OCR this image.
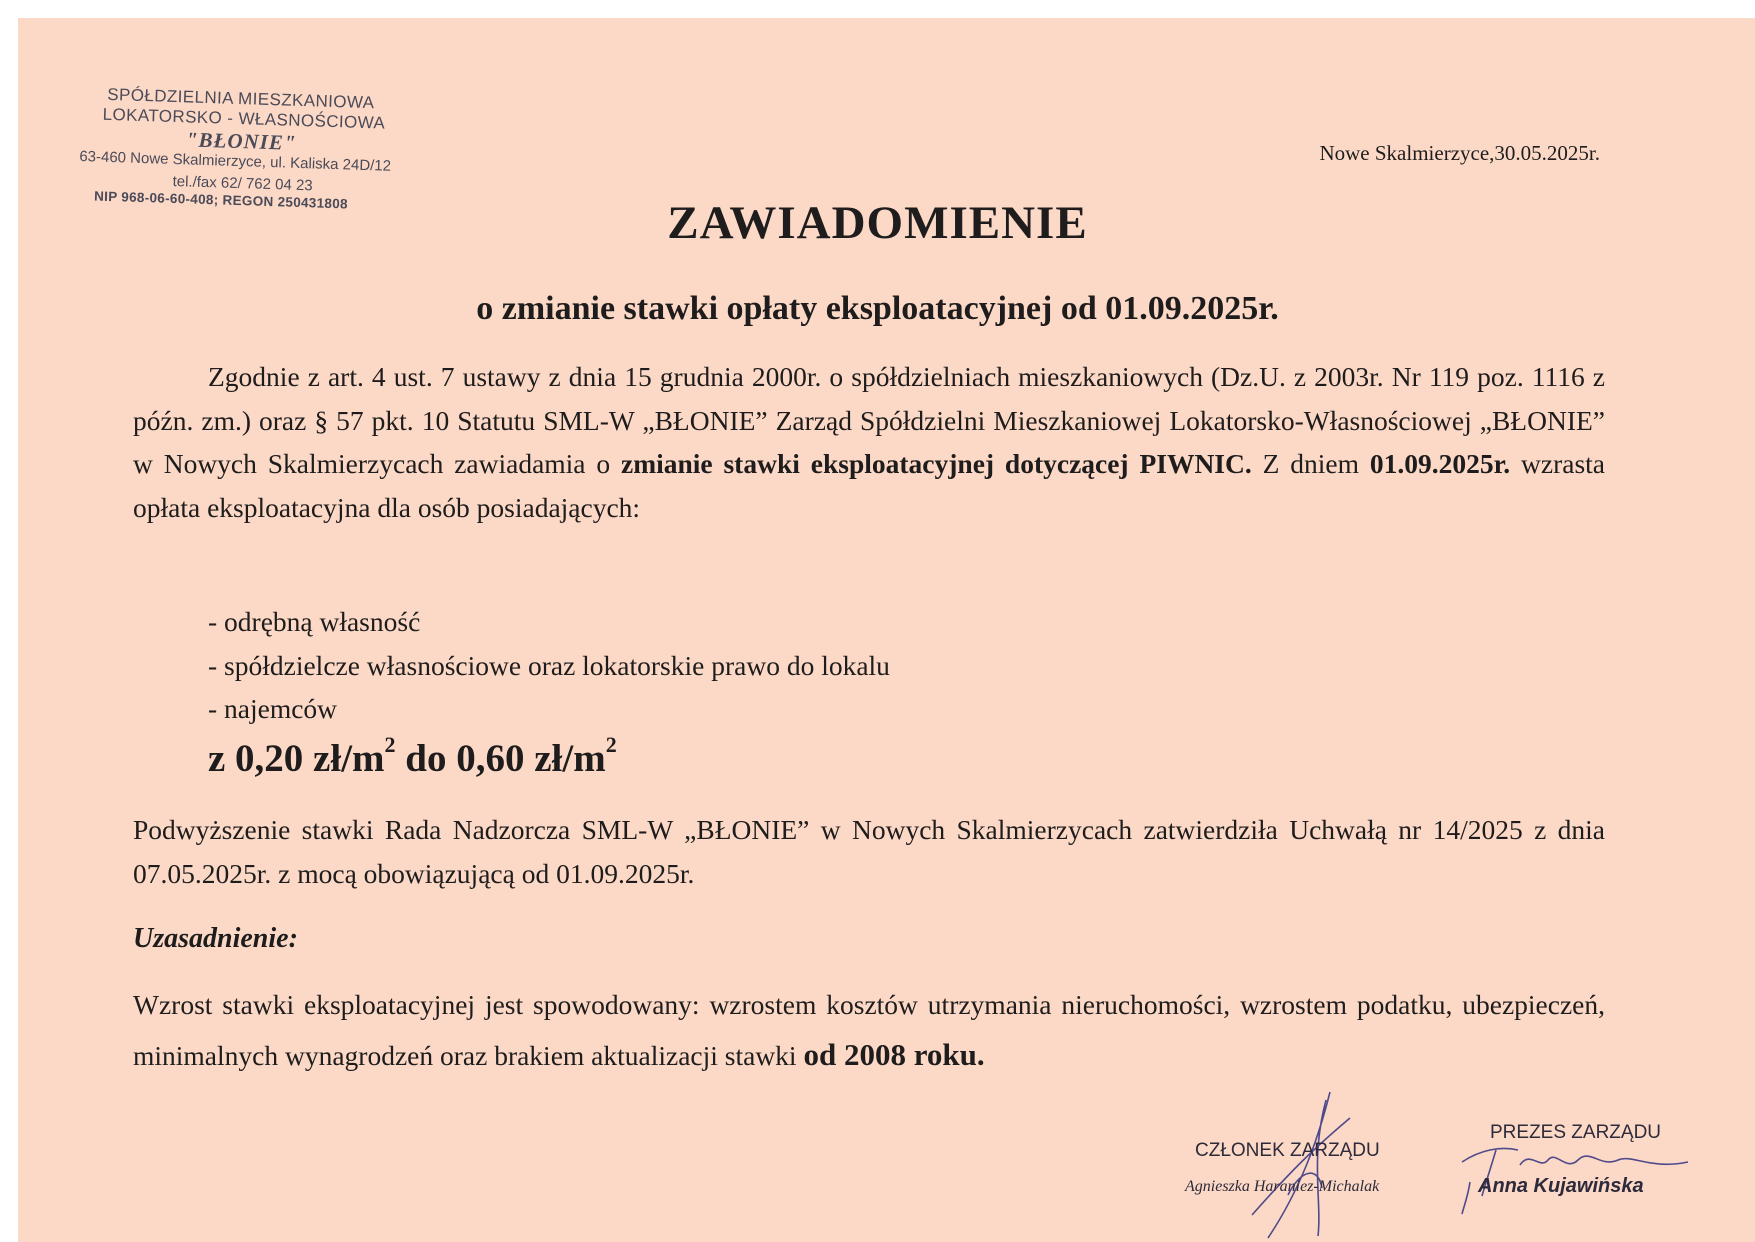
SPÓŁDZIELNIA MIESZKANIOWA
LOKATORSKO - WŁASNOŚCIOWA
"BŁONIE"
63-460 Nowe Skalmierzyce, ul. Kaliska 24D/12
tel./fax 62/ 762 04 23
NIP 968-06-60-408; REGON 250431808
Nowe Skalmierzyce,30.05.2025r.
ZAWIADOMIENIE
o zmianie stawki opłaty eksploatacyjnej od 01.09.2025r.
Zgodnie z art. 4 ust. 7 ustawy z dnia 15 grudnia 2000r. o spółdzielniach mieszkaniowych (Dz.U. z 2003r. Nr 119 poz. 1116 z późn. zm.) oraz § 57 pkt. 10 Statutu SML-W „BŁONIE” Zarząd Spółdzielni Mieszkaniowej Lokatorsko-Własnościowej „BŁONIE” w Nowych Skalmierzycach zawiadamia o zmianie stawki eksploatacyjnej dotyczącej PIWNIC. Z dniem 01.09.2025r. wzrasta opłata eksploatacyjna dla osób posiadających:
- odrębną własność
- spółdzielcze własnościowe oraz lokatorskie prawo do lokalu
- najemców
z 0,20 $zł/m^2$ do 0,60 $zł/m^2$
Podwyższenie stawki Rada Nadzorcza SML-W „BŁONIE” w Nowych Skalmierzycach zatwierdziła Uchwałą nr 14/2025 z dnia 07.05.2025r. z mocą obowiązującą od 01.09.2025r.
Uzasadnienie:
Wzrost stawki eksploatacyjnej jest spowodowany: wzrostem kosztów utrzymania nieruchomości, wzrostem podatku, ubezpieczeń, minimalnych wynagrodzeń oraz brakiem aktualizacji stawki od 2008 roku.
CZŁONEK ZARZĄDU
Agnieszka Haraniez-Michalak
PREZES ZARZĄDU
Anna Kujawińska
